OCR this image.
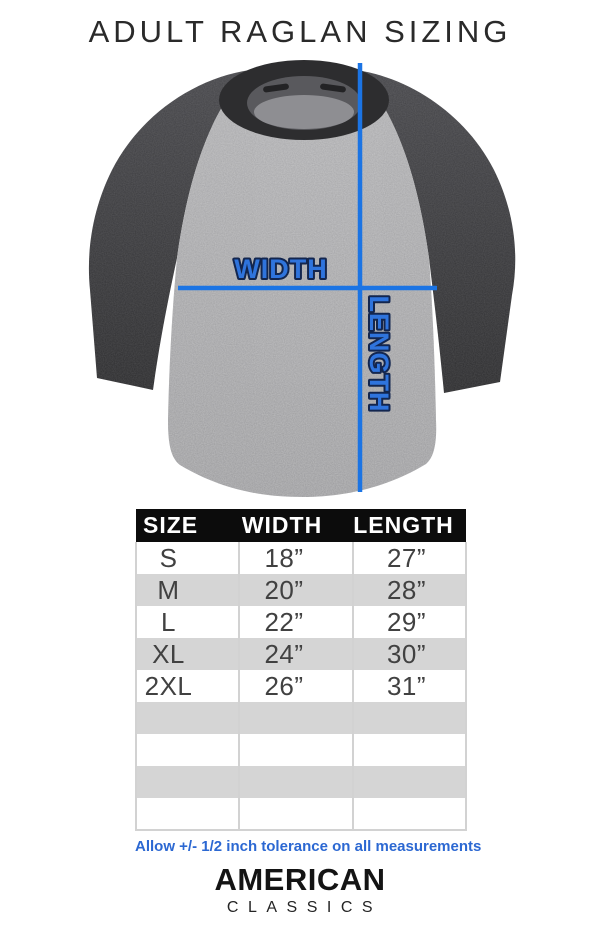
ADULT RAGLAN SIZING
WIDTH
LENGTH
SIZE	WIDTH	LENGTH
S	18”	27”
M	20”	28”
L	22”	29”
XL	24”	30”
2XL	26”	31”

Allow +/- 1/2 inch tolerance on all measurements
AMERICAN
CLASSICS
